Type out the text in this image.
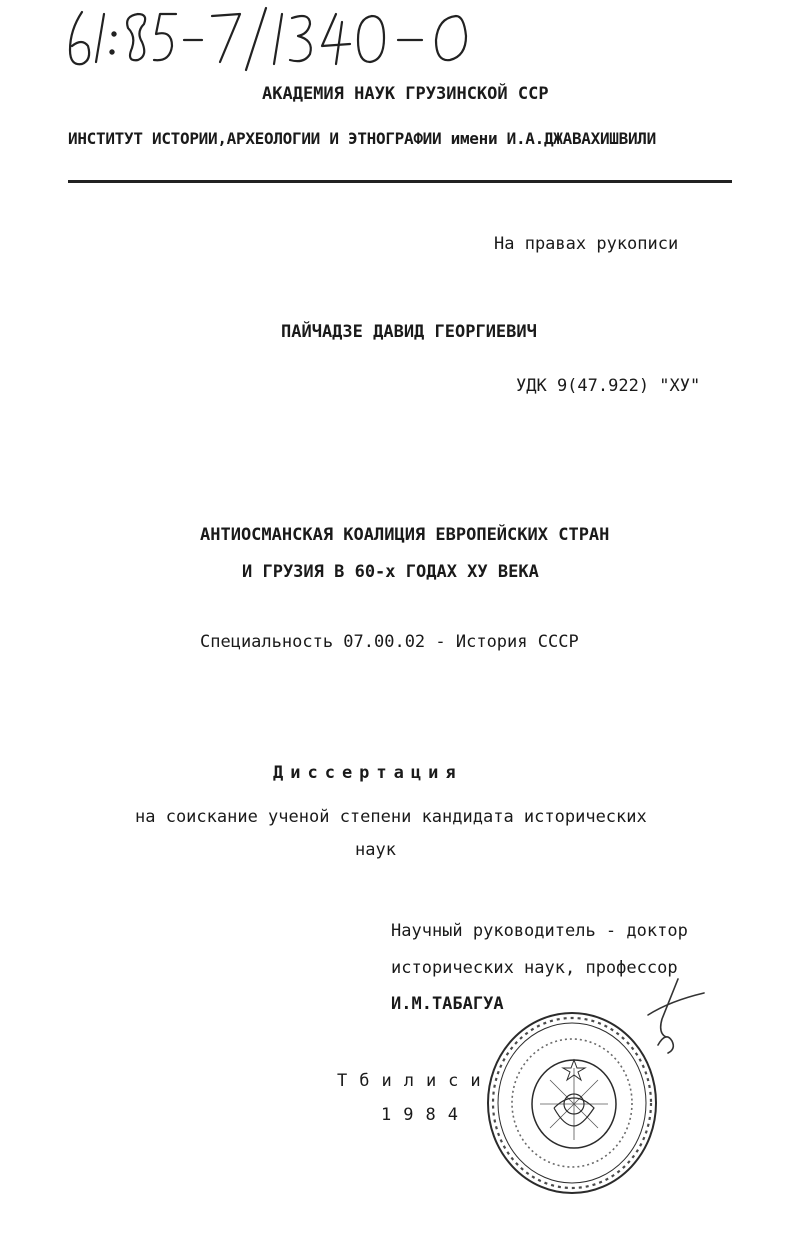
АКАДЕМИЯ НАУК ГРУЗИНСКОЙ ССР
ИНСТИТУТ ИСТОРИИ,АРХЕОЛОГИИ И ЭТНОГРАФИИ имени И.А.ДЖАВАХИШВИЛИ
На правах рукописи
ПАЙЧАДЗЕ ДАВИД ГЕОРГИЕВИЧ
УДК 9(47.922) "ХУ"
АНТИОСМАНСКАЯ КОАЛИЦИЯ ЕВРОПЕЙСКИХ СТРАН
И ГРУЗИЯ В 60-х ГОДАХ ХУ ВЕКА
Специальность 07.00.02 - История СССР
Диссертация
на соискание ученой степени кандидата исторических
наук
Научный руководитель - доктор
исторических наук, профессор
И.М.ТАБАГУА
Тбилиси
1984
